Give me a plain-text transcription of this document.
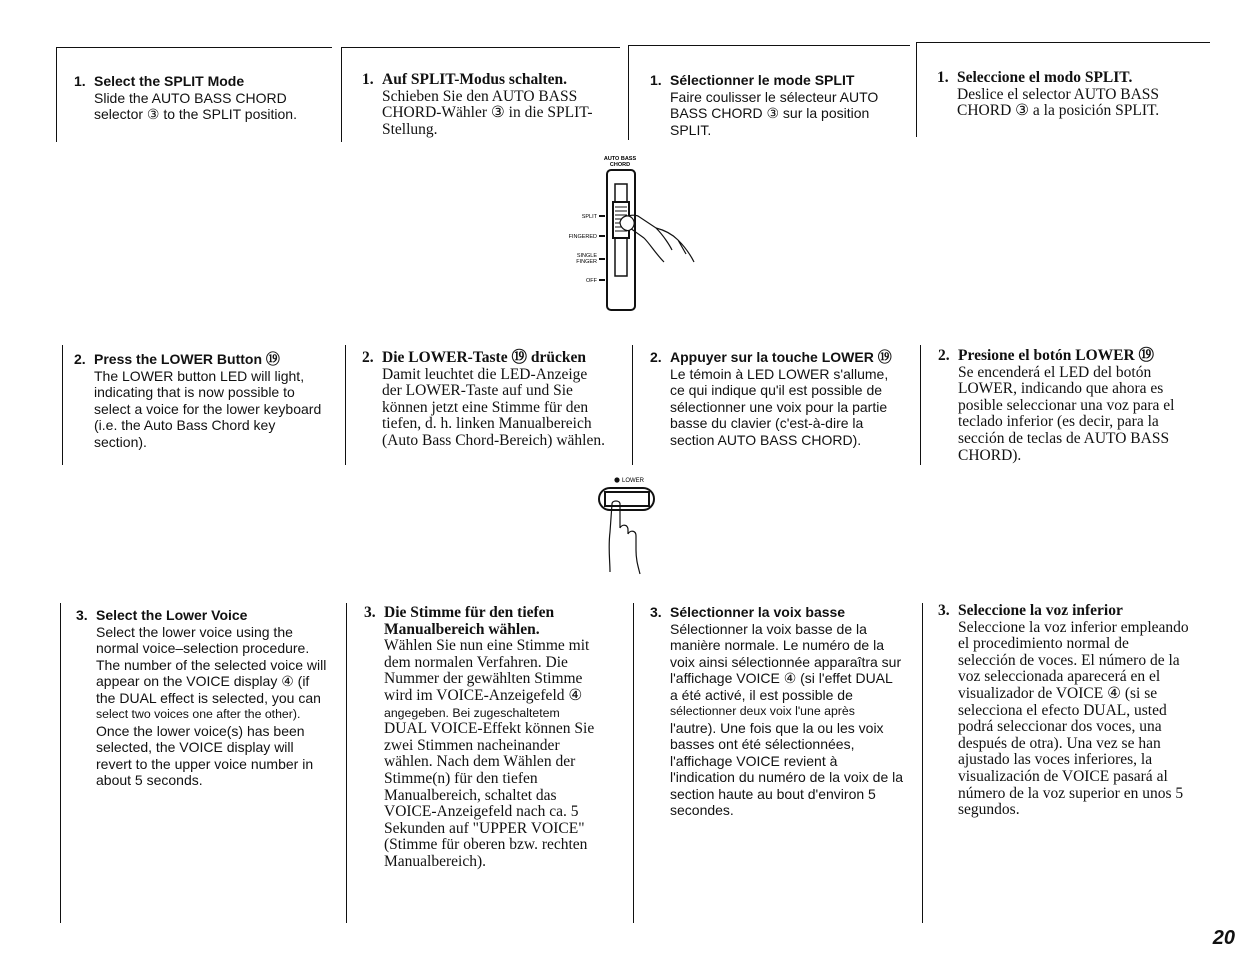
1. Select the SPLIT Mode
Slide the AUTO BASS CHORD
selector ③ to the SPLIT position.
2. Press the LOWER Button ⑲
The LOWER button LED will light,
indicating that is now possible to
select a voice for the lower keyboard
(i.e. the Auto Bass Chord key
section).
3. Select the Lower Voice
Select the lower voice using the
normal voice–selection procedure.
The number of the selected voice will
appear on the VOICE display ④ (if
the DUAL effect is selected, you can
select two voices one after the other).
Once the lower voice(s) has been
selected, the VOICE display will
revert to the upper voice number in
about 5 seconds.
1. Auf SPLIT-Modus schalten.
Schieben Sie den AUTO BASS
CHORD-Wähler ③ in die SPLIT-
Stellung.
2. Die LOWER-Taste ⑲ drücken
Damit leuchtet die LED-Anzeige
der LOWER-Taste auf und Sie
können jetzt eine Stimme für den
tiefen, d. h. linken Manualbereich
(Auto Bass Chord-Bereich) wählen.
3. Die Stimme für den tiefen
Manualbereich wählen.
Wählen Sie nun eine Stimme mit
dem normalen Verfahren. Die
Nummer der gewählten Stimme
wird im VOICE-Anzeigefeld ④
angegeben. Bei zugeschaltetem
DUAL VOICE-Effekt können Sie
zwei Stimmen nacheinander
wählen. Nach dem Wählen der
Stimme(n) für den tiefen
Manualbereich, schaltet das
VOICE-Anzeigefeld nach ca. 5
Sekunden auf "UPPER VOICE"
(Stimme für oberen bzw. rechten
Manualbereich).
1. Sélectionner le mode SPLIT
Faire coulisser le sélecteur AUTO
BASS CHORD ③ sur la position
SPLIT.
2. Appuyer sur la touche LOWER ⑲
Le témoin à LED LOWER s'allume,
ce qui indique qu'il est possible de
sélectionner une voix pour la partie
basse du clavier (c'est-à-dire la
section AUTO BASS CHORD).
3. Sélectionner la voix basse
Sélectionner la voix basse de la
manière normale. Le numéro de la
voix ainsi sélectionnée apparaîtra sur
l'affichage VOICE ④ (si l'effet DUAL
a été activé, il est possible de
sélectionner deux voix l'une après
l'autre). Une fois que la ou les voix
basses ont été sélectionnées,
l'affichage VOICE revient à
l'indication du numéro de la voix de la
section haute au bout d'environ 5
secondes.
1. Seleccione el modo SPLIT.
Deslice el selector AUTO BASS
CHORD ③ a la posición SPLIT.
2. Presione el botón LOWER ⑲
Se encenderá el LED del botón
LOWER, indicando que ahora es
posible seleccionar una voz para el
teclado inferior (es decir, para la
sección de teclas de AUTO BASS
CHORD).
3. Seleccione la voz inferior
Seleccione la voz inferior empleando
el procedimiento normal de
selección de voces. El número de la
voz seleccionada aparecerá en el
visualizador de VOICE ④ (si se
selecciona el efecto DUAL, usted
podrá seleccionar dos voces, una
después de otra). Una vez se han
ajustado las voces inferiores, la
visualización de VOICE pasará al
número de la voz superior en unos 5
segundos.
AUTO BASS
CHORD
SPLIT
FINGERED
SINGLE
FINGER
OFF
LOWER
20
